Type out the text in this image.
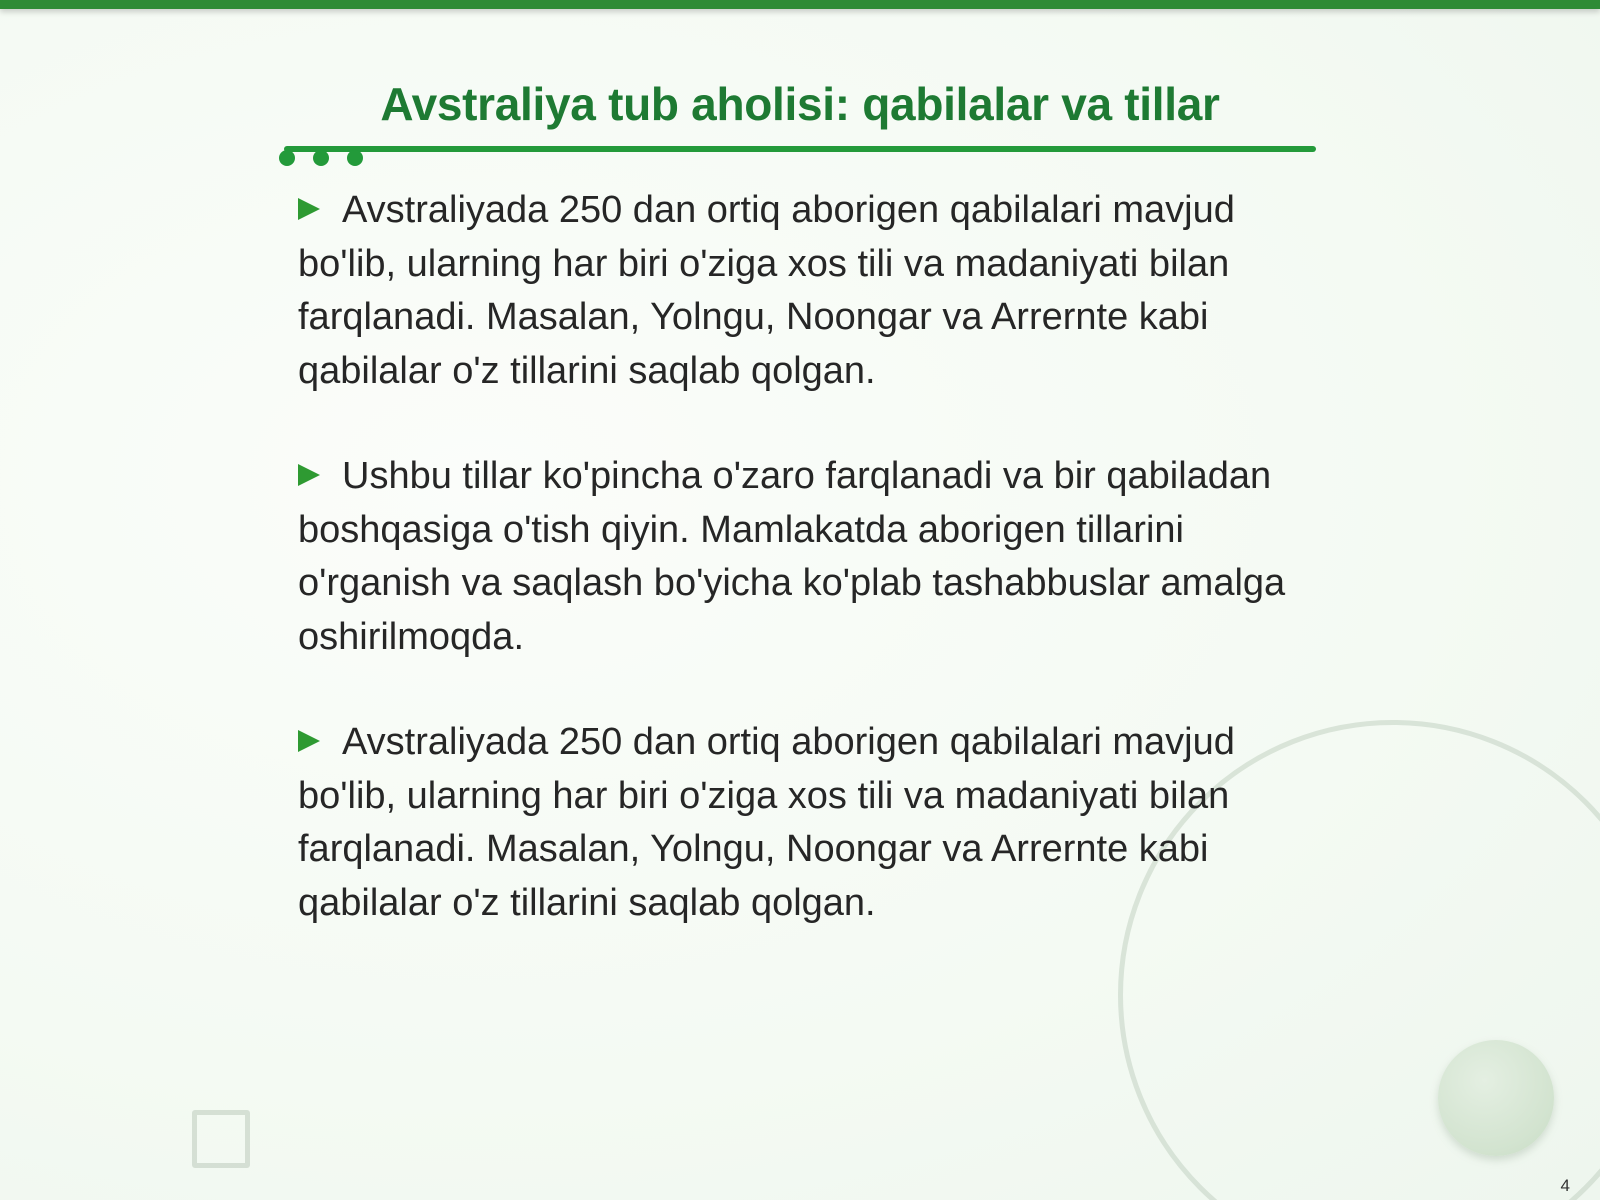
Avstraliya tub aholisi: qabilalar va tillar

Avstraliyada 250 dan ortiq aborigen qabilalari mavjud bo'lib, ularning har biri o'ziga xos tili va madaniyati bilan farqlanadi. Masalan, Yolngu, Noongar va Arrernte kabi qabilalar o'z tillarini saqlab qolgan.

Ushbu tillar ko'pincha o'zaro farqlanadi va bir qabiladan boshqasiga o'tish qiyin. Mamlakatda aborigen tillarini o'rganish va saqlash bo'yicha ko'plab tashabbuslar amalga oshirilmoqda.

Avstraliyada 250 dan ortiq aborigen qabilalari mavjud bo'lib, ularning har biri o'ziga xos tili va madaniyati bilan farqlanadi. Masalan, Yolngu, Noongar va Arrernte kabi qabilalar o'z tillarini saqlab qolgan.

4
